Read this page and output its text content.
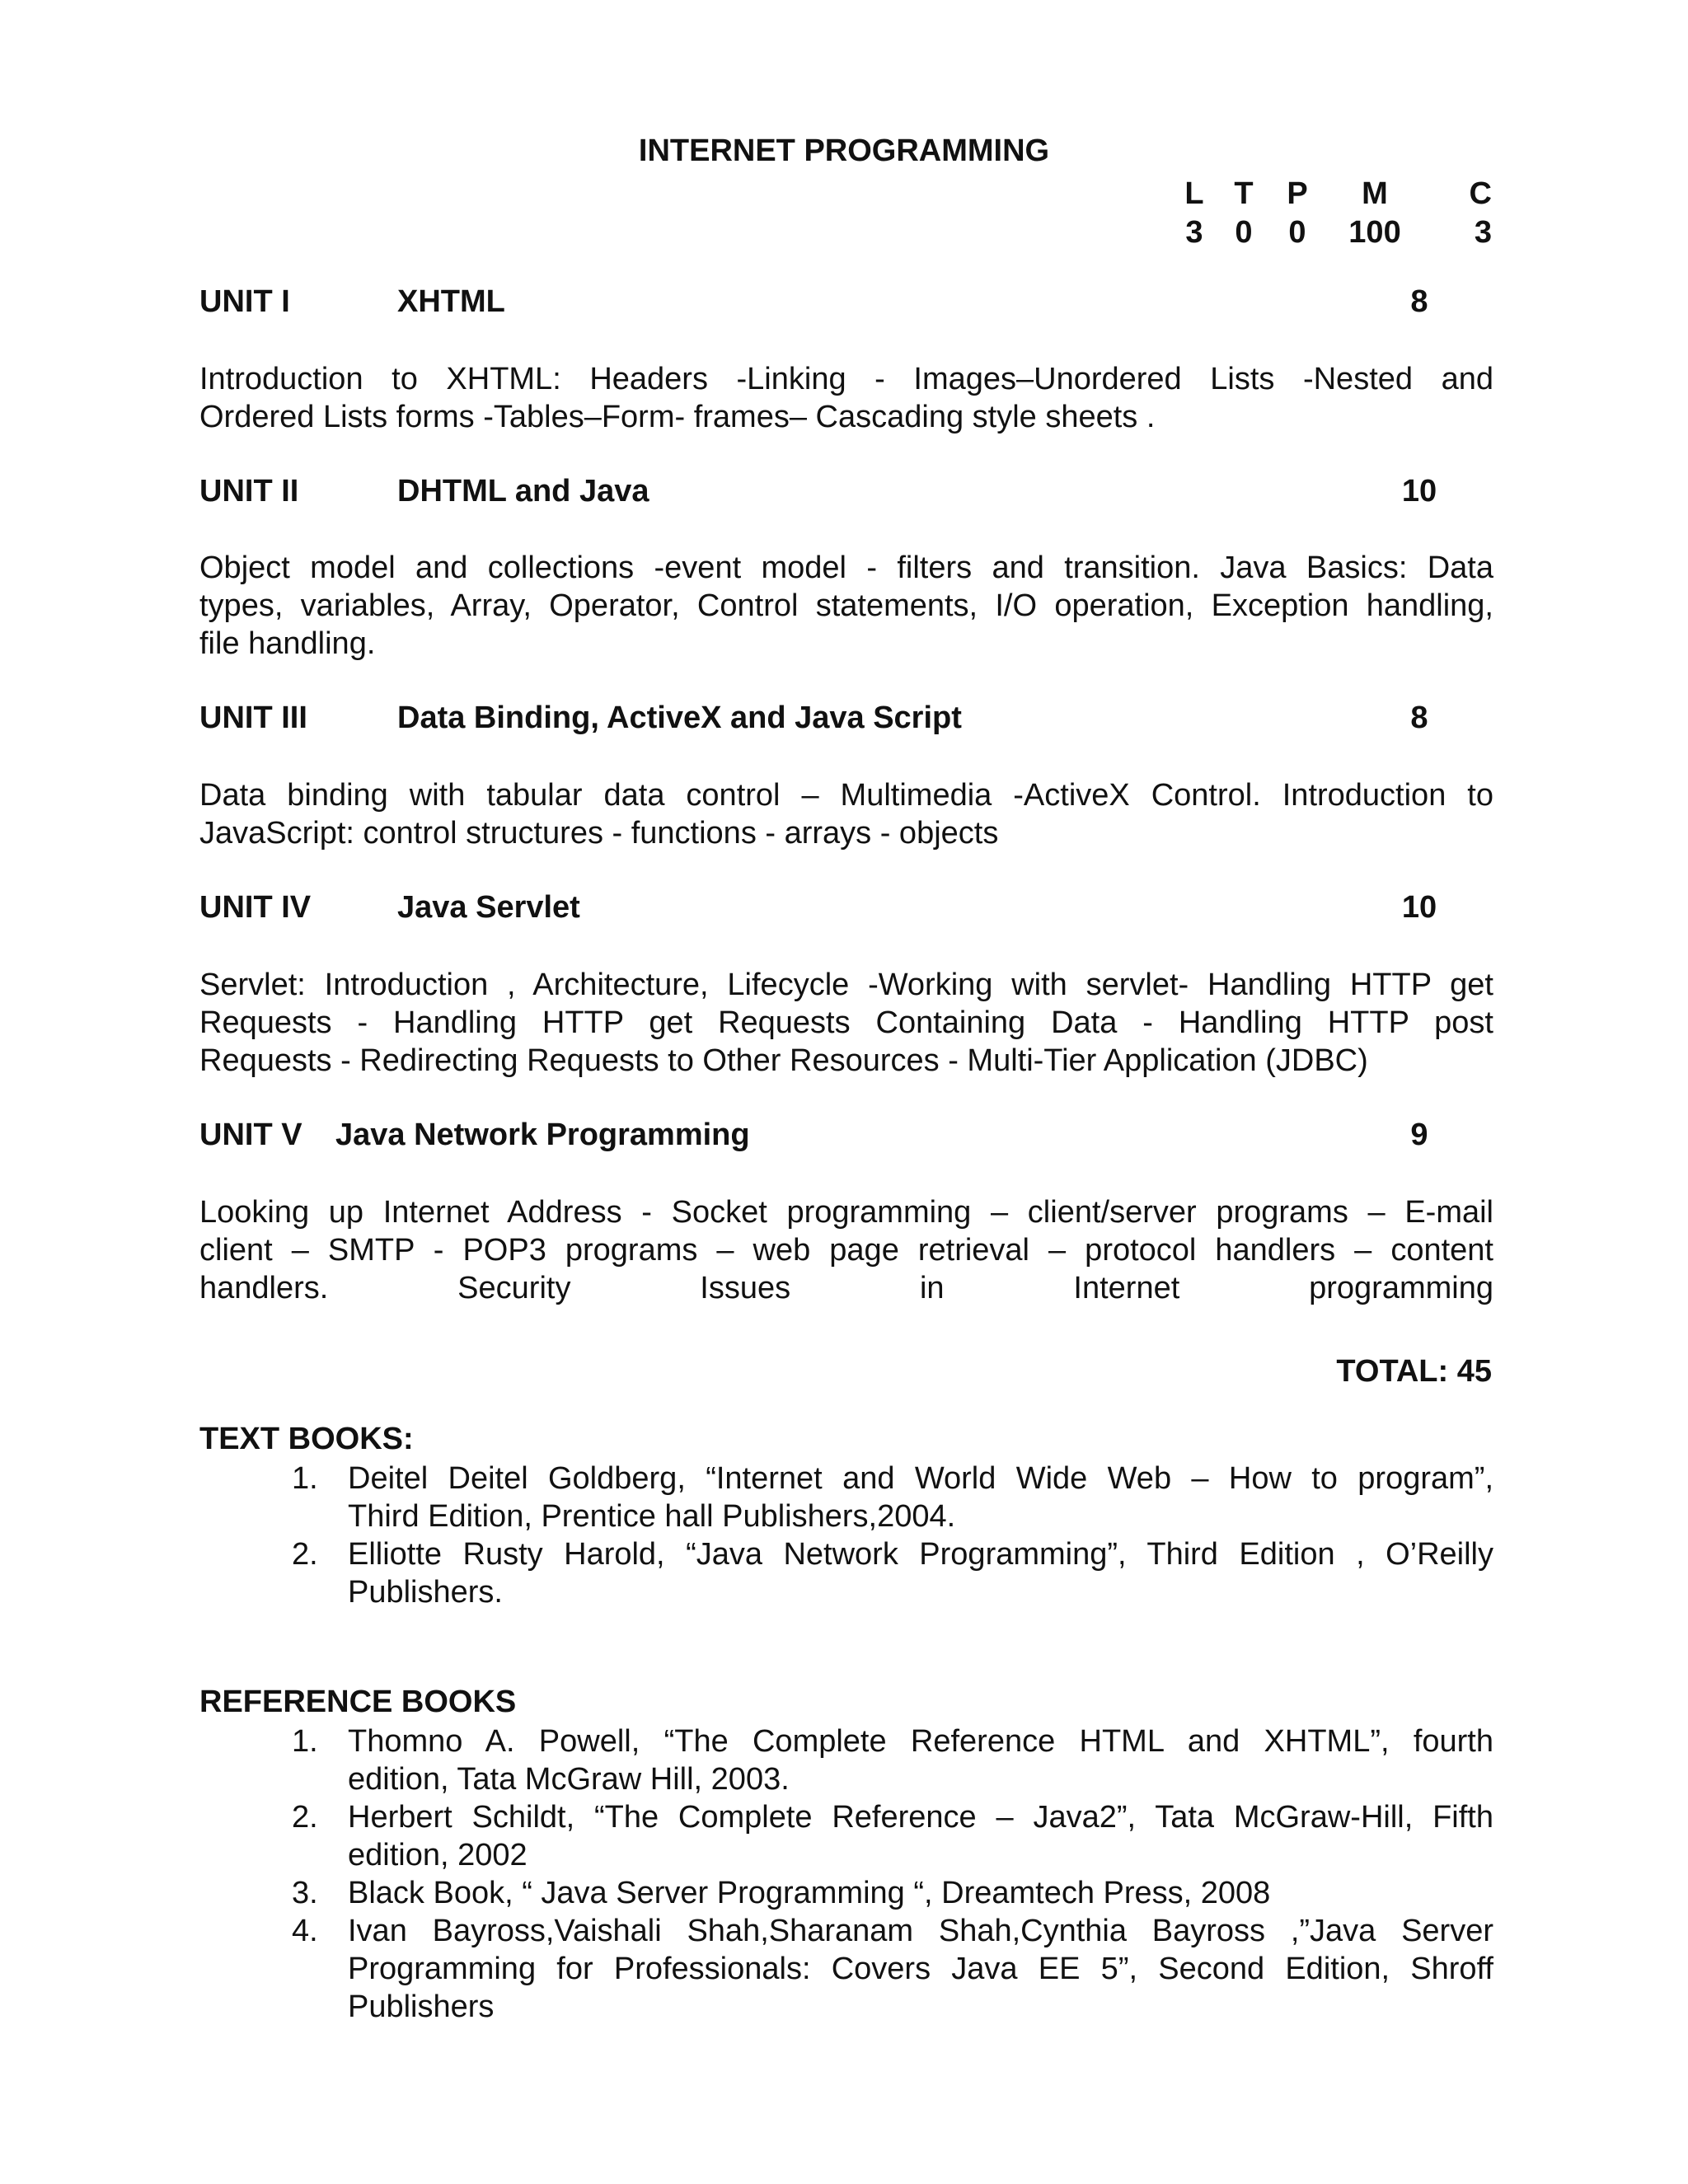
INTERNET PROGRAMMING
L	T	P	M	C
3	0	0	100	3
UNIT I	XHTML	8
Introduction to XHTML: Headers -Linking - Images–Unordered Lists -Nested and
Ordered Lists forms -Tables–Form- frames– Cascading style sheets .
UNIT II	DHTML and Java	10
Object model and collections -event model - filters and transition. Java Basics: Data
types, variables, Array, Operator, Control statements, I/O operation, Exception handling,
file handling.
UNIT III	Data Binding, ActiveX and Java Script	8
Data binding with tabular data control – Multimedia -ActiveX Control. Introduction to
JavaScript: control structures - functions - arrays - objects
UNIT IV	Java Servlet	10
Servlet: Introduction , Architecture, Lifecycle -Working with servlet- Handling HTTP get
Requests - Handling HTTP get Requests Containing Data - Handling HTTP post
Requests - Redirecting Requests to Other Resources - Multi-Tier Application (JDBC)
UNIT V Java Network Programming	9
Looking up Internet Address - Socket programming – client/server programs – E-mail
client – SMTP - POP3 programs – web page retrieval – protocol handlers – content
handlers. Security Issues in Internet programming
TOTAL: 45
TEXT BOOKS:
1. Deitel Deitel Goldberg, “Internet and World Wide Web – How to program”,
Third Edition, Prentice hall Publishers,2004.
2. Elliotte Rusty Harold, “Java Network Programming”, Third Edition , O’Reilly
Publishers.
REFERENCE BOOKS
1. Thomno A. Powell, “The Complete Reference HTML and XHTML”, fourth
edition, Tata McGraw Hill, 2003.
2. Herbert Schildt, “The Complete Reference – Java2”, Tata McGraw-Hill, Fifth
edition, 2002
3. Black Book, “ Java Server Programming “, Dreamtech Press, 2008
4. Ivan Bayross,Vaishali Shah,Sharanam Shah,Cynthia Bayross ,”Java Server
Programming for Professionals: Covers Java EE 5”, Second Edition, Shroff
Publishers
